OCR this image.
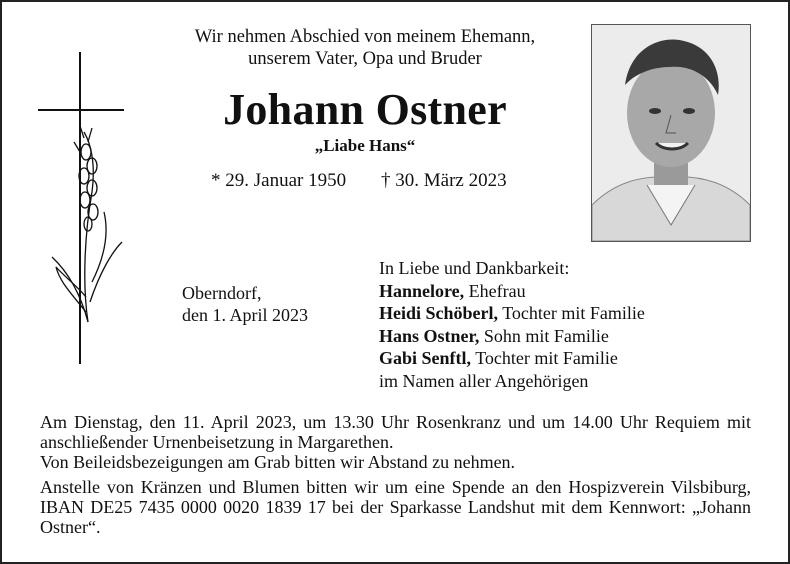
Wir nehmen Abschied von meinem Ehemann,
unserem Vater, Opa und Bruder
Johann Ostner
„Liabe Hans“
* 29. Januar 1950 † 30. März 2023
Oberndorf,
den 1. April 2023
In Liebe und Dankbarkeit:
Hannelore, Ehefrau
Heidi Schöberl, Tochter mit Familie
Hans Ostner, Sohn mit Familie
Gabi Senftl, Tochter mit Familie
im Namen aller Angehörigen

Am Dienstag, den 11. April 2023, um 13.30 Uhr Rosenkranz und um 14.00 Uhr Requiem mit anschließender Urnenbeisetzung in Margarethen.

Von Beileidsbezeigungen am Grab bitten wir Abstand zu nehmen.

Anstelle von Kränzen und Blumen bitten wir um eine Spende an den Hospizverein Vilsbiburg, IBAN DE25 7435 0000 0020 1839 17 bei der Sparkasse Landshut mit dem Kennwort: „Johann Ostner“.
